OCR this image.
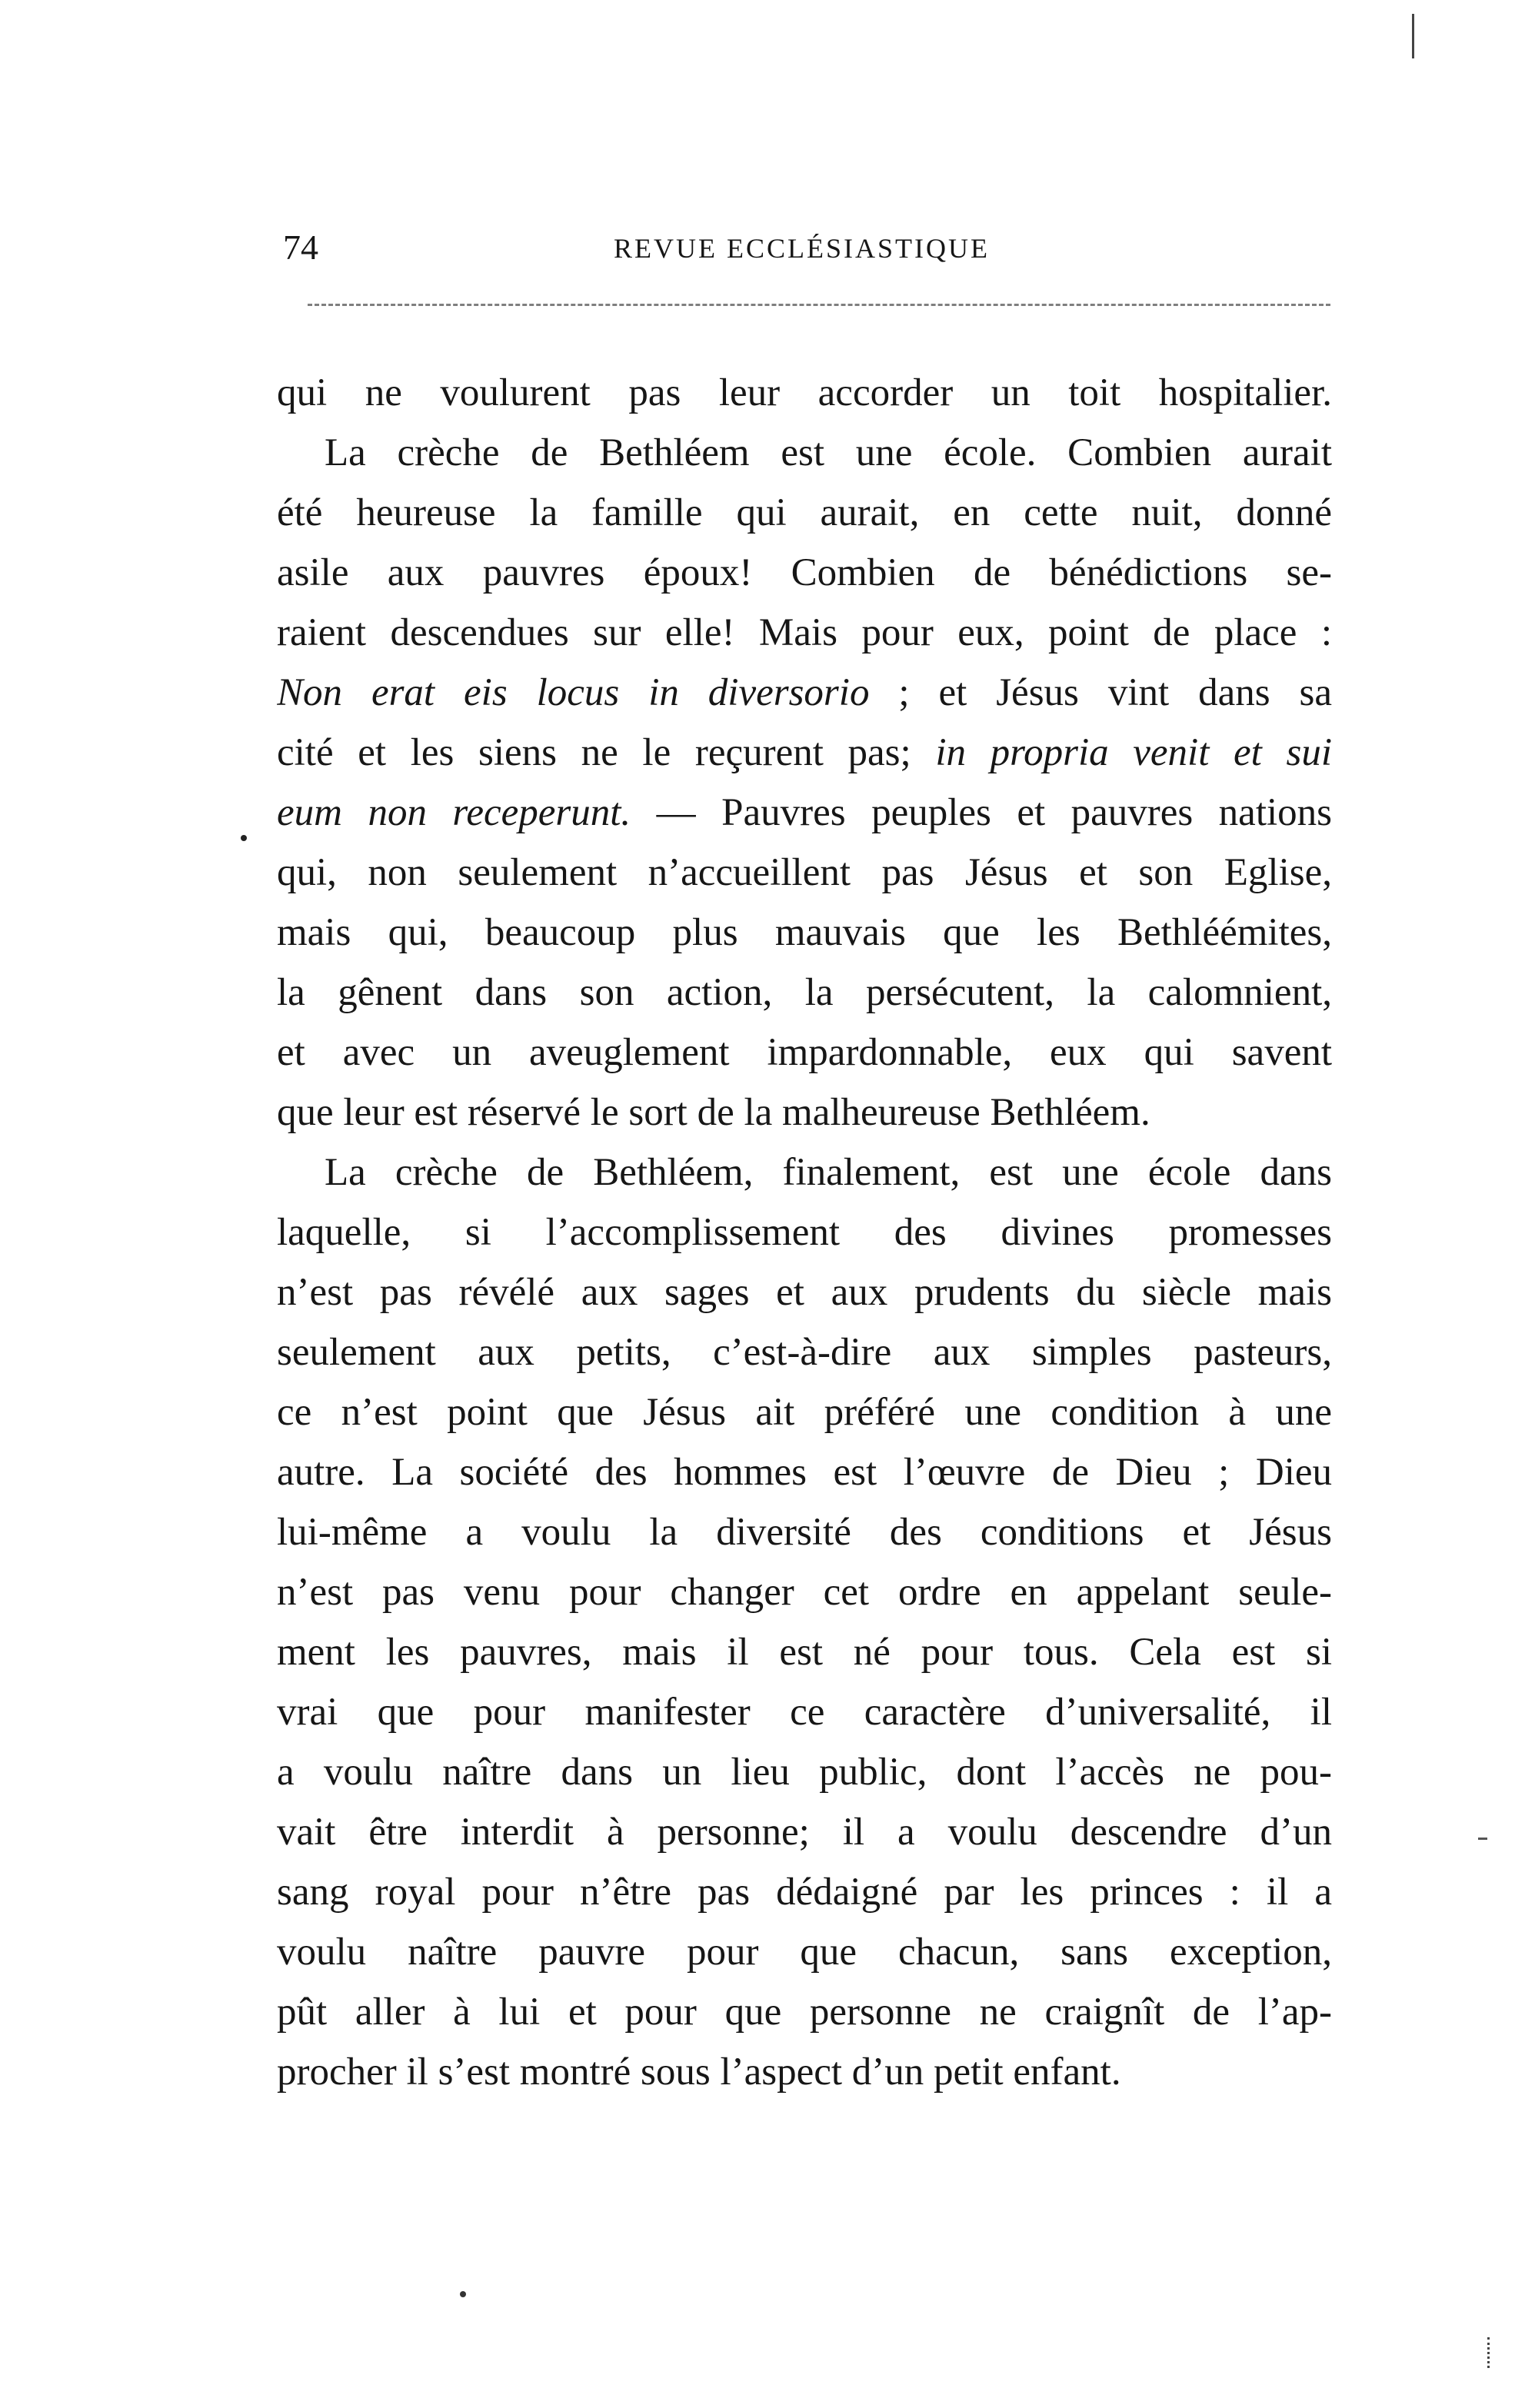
74	REVUE ECCLÉSIASTIQUE
qui ne voulurent pas leur accorder un toit hospitalier.
La crèche de Bethléem est une école. Combien aurait
été heureuse la famille qui aurait, en cette nuit, donné
asile aux pauvres époux! Combien de bénédictions se-
raient descendues sur elle! Mais pour eux, point de place :
Non erat eis locus in diversorio ; et Jésus vint dans sa
cité et les siens ne le reçurent pas; in propria venit et sui
eum non receperunt. — Pauvres peuples et pauvres nations
qui, non seulement n’accueillent pas Jésus et son Eglise,
mais qui, beaucoup plus mauvais que les Bethléémites,
la gênent dans son action, la persécutent, la calomnient,
et avec un aveuglement impardonnable, eux qui savent
que leur est réservé le sort de la malheureuse Bethléem.
La crèche de Bethléem, finalement, est une école dans
laquelle, si l’accomplissement des divines promesses
n’est pas révélé aux sages et aux prudents du siècle mais
seulement aux petits, c’est-à-dire aux simples pasteurs,
ce n’est point que Jésus ait préféré une condition à une
autre. La société des hommes est l’œuvre de Dieu ; Dieu
lui-même a voulu la diversité des conditions et Jésus
n’est pas venu pour changer cet ordre en appelant seule-
ment les pauvres, mais il est né pour tous. Cela est si
vrai que pour manifester ce caractère d’universalité, il
a voulu naître dans un lieu public, dont l’accès ne pou-
vait être interdit à personne; il a voulu descendre d’un
sang royal pour n’être pas dédaigné par les princes : il a
voulu naître pauvre pour que chacun, sans exception,
pût aller à lui et pour que personne ne craignît de l’ap-
procher il s’est montré sous l’aspect d’un petit enfant.
